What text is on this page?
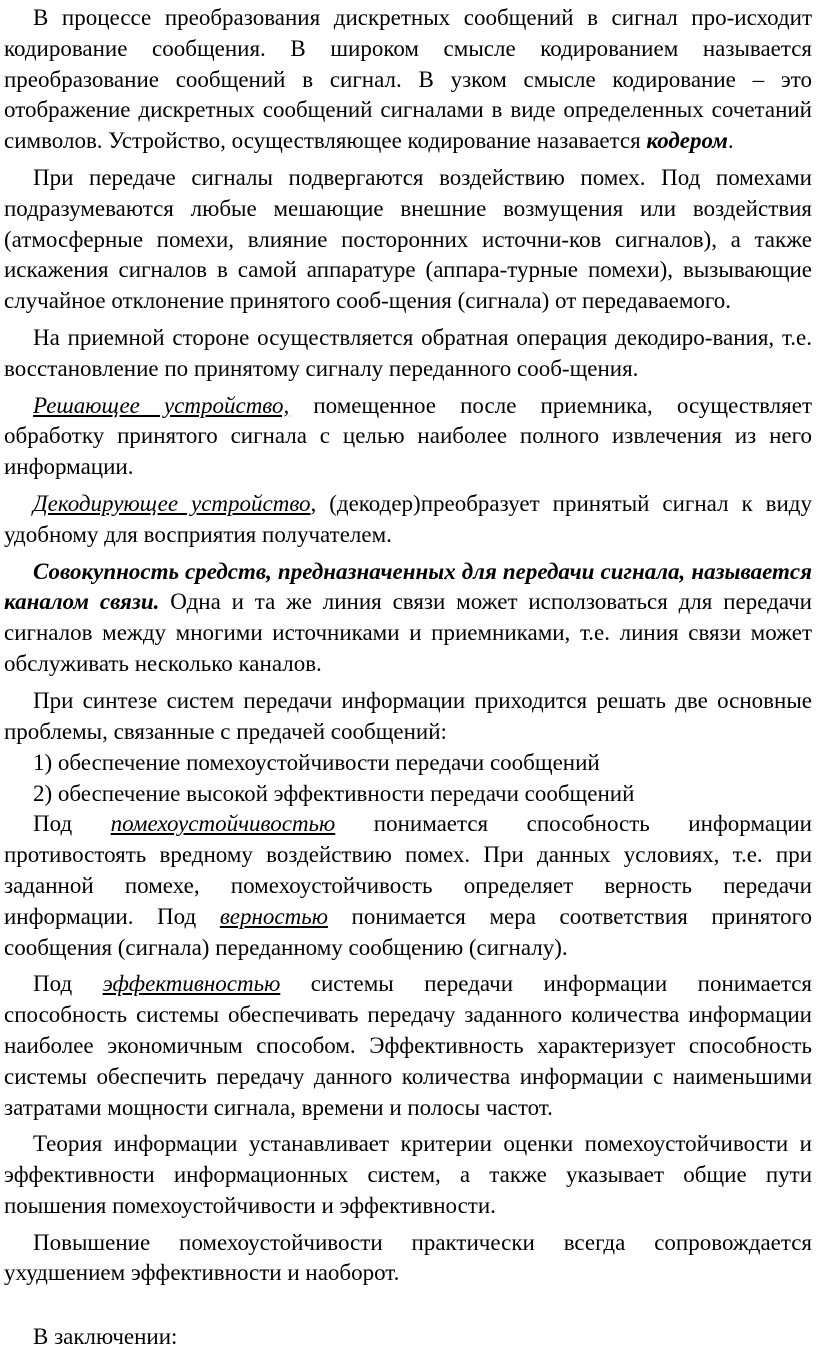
В процессе преобразования дискретных сообщений в сигнал про-исходит кодирование сообщения. В широком смысле кодированием называется преобразование сообщений в сигнал. В узком смысле кодирование – это отображение дискретных сообщений сигналами в виде определенных сочетаний символов. Устройство, осуществляющее кодирование назавается кодером.

При передаче сигналы подвергаются воздействию помех. Под помехами подразумеваются любые мешающие внешние возмущения или воздействия (атмосферные помехи, влияние посторонних источни-ков сигналов), а также искажения сигналов в самой аппаратуре (аппара-турные помехи), вызывающие случайное отклонение принятого сооб-щения (сигнала) от передаваемого.

На приемной стороне осуществляется обратная операция декодиро-вания, т.е. восстановление по принятому сигналу переданного сооб-щения.

Решающее устройство, помещенное после приемника, осуществляет обработку принятого сигнала с целью наиболее полного извлечения из него информации.

Декодирующее устройство, (декодер)преобразует принятый сигнал к виду удобному для восприятия получателем.

Совокупность средств, предназначенных для передачи сигнала, называется каналом связи. Одна и та же линия связи может исползоваться для передачи сигналов между многими источниками и приемниками, т.е. линия связи может обслуживать несколько каналов.

При синтезе систем передачи информации приходится решать две основные проблемы, связанные с предачей сообщений:

1) обеспечение помехоустойчивости передачи сообщений
2) обеспечение высокой эффективности передачи сообщений

Под помехоустойчивостью понимается способность информации противостоять вредному воздействию помех. При данных условиях, т.е. при заданной помехе, помехоустойчивость определяет верность передачи информации. Под верностью понимается мера соответствия принятого сообщения (сигнала) переданному сообщению (сигналу).

Под эффективностью системы передачи информации понимается способность системы обеспечивать передачу заданного количества информации наиболее экономичным способом. Эффективность характеризует способность системы обеспечить передачу данного количества информации с наименьшими затратами мощности сигнала, времени и полосы частот.

Теория информации устанавливает критерии оценки помехоустойчивости и эффективности информационных систем, а также указывает общие пути поышения помехоустойчивости и эффективности.

Повышение помехоустойчивости практически всегда сопровождается ухудшением эффективности и наоборот.

В заключении:
